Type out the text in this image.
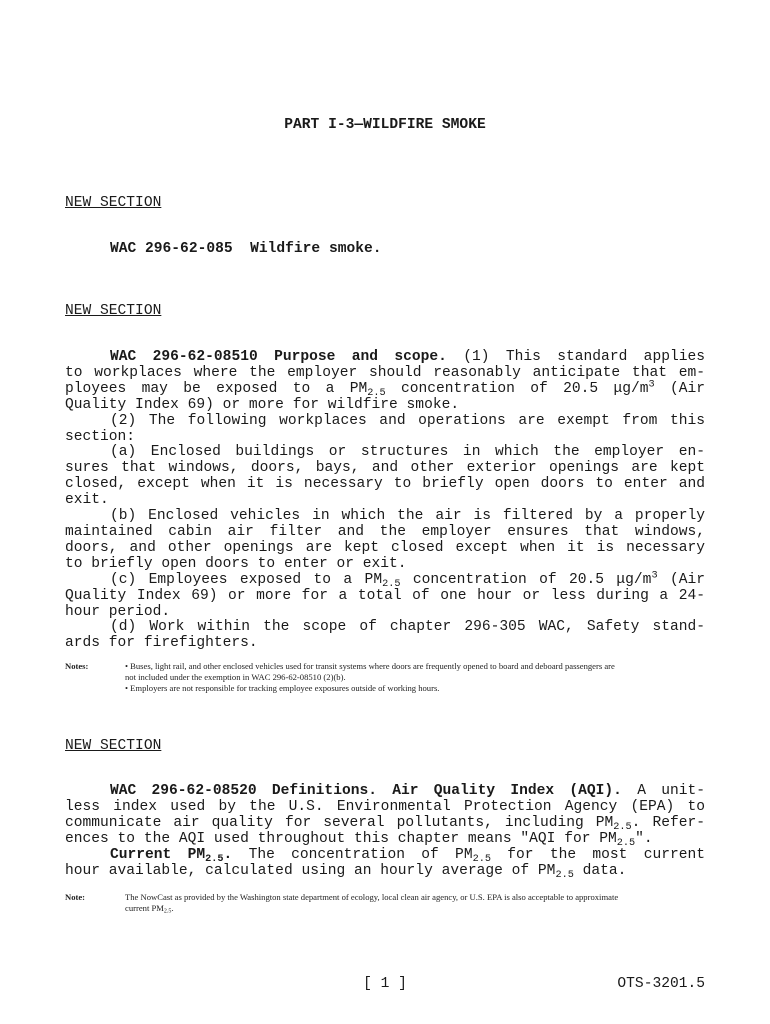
PART I-3—WILDFIRE SMOKE
NEW SECTION
WAC 296-62-085  Wildfire smoke.
NEW SECTION
WAC 296-62-08510 Purpose and scope. (1) This standard applies
to workplaces where the employer should reasonably anticipate that em-
ployees may be exposed to a $PM_{2.5}$ concentration of 20.5 $\mu g/m^3$ (Air
Quality Index 69) or more for wildfire smoke.
(2) The following workplaces and operations are exempt from this
section:
(a) Enclosed buildings or structures in which the employer en-
sures that windows, doors, bays, and other exterior openings are kept
closed, except when it is necessary to briefly open doors to enter and
exit.
(b) Enclosed vehicles in which the air is filtered by a properly
maintained cabin air filter and the employer ensures that windows,
doors, and other openings are kept closed except when it is necessary
to briefly open doors to enter or exit.
(c) Employees exposed to a $PM_{2.5}$ concentration of 20.5 $\mu g/m^3$ (Air
Quality Index 69) or more for a total of one hour or less during a 24-
hour period.
(d) Work within the scope of chapter 296-305 WAC, Safety stand-
ards for firefighters.
Notes:	• Buses, light rail, and other enclosed vehicles used for transit systems where doors are frequently opened to board and deboard passengers are
not included under the exemption in WAC 296-62-08510 (2)(b).
• Employers are not responsible for tracking employee exposures outside of working hours.
NEW SECTION
WAC 296-62-08520 Definitions. Air Quality Index (AQI). A unit-
less index used by the U.S. Environmental Protection Agency (EPA) to
communicate air quality for several pollutants, including $PM_{2.5}$. Refer-
ences to the AQI used throughout this chapter means "AQI for $PM_{2.5}$".
Current $PM_{2.5}$. The concentration of $PM_{2.5}$ for the most current
hour available, calculated using an hourly average of $PM_{2.5}$ data.
Note:	The NowCast as provided by the Washington state department of ecology, local clean air agency, or U.S. EPA is also acceptable to approximate
current $PM_{2.5}$.
[ 1 ]	OTS-3201.5
